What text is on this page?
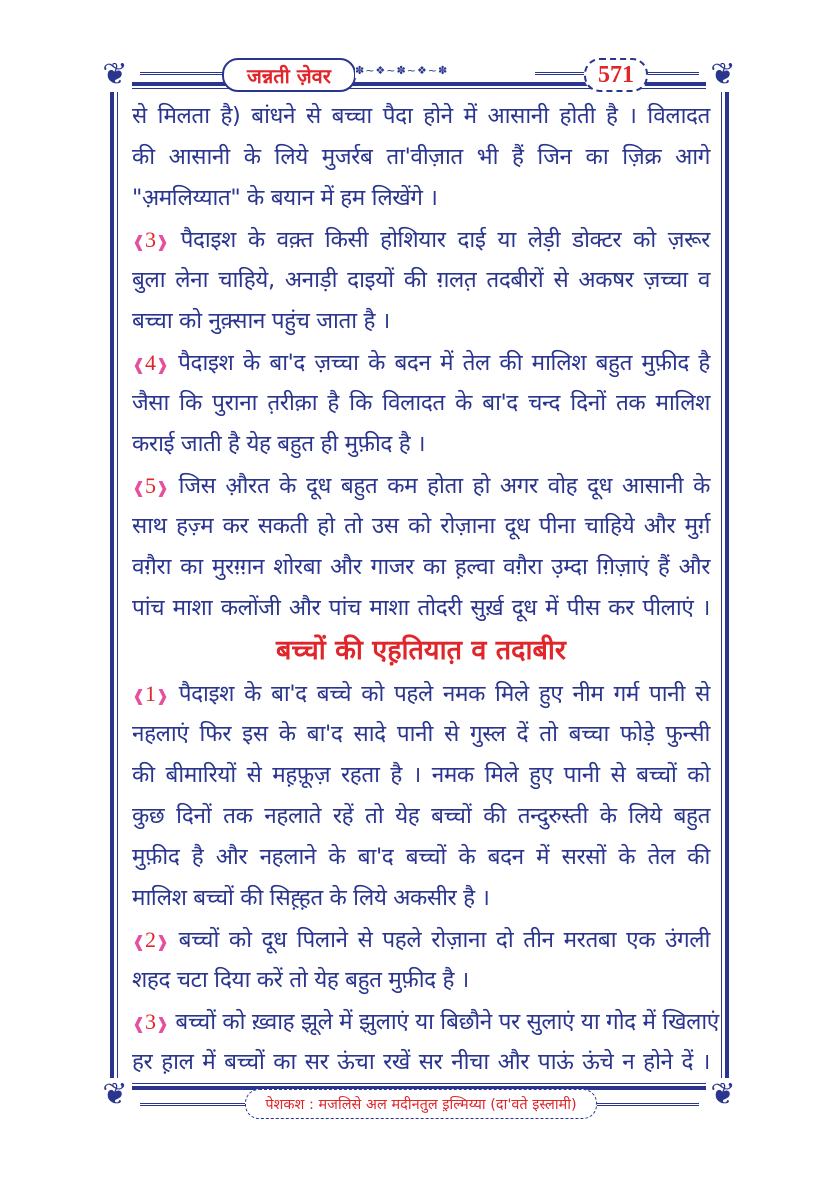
❦	❦
जन्नती ज़ेवर ✽~❖~✽~❖~✽	571
से मिलता है) बांधने से बच्चा पैदा होने में आसानी होती है । विलादत
की आसानी के लिये मुजर्रब ता'वीज़ात भी हैं जिन का ज़िक्र आगे
"अ़मलिय्यात" के बयान में हम लिखेंगे ।
❰3❱ पैदाइश के वक़्त किसी होशियार दाई या लेड़ी डोक्टर को ज़रूर
बुला लेना चाहिये, अनाड़ी दाइयों की ग़लत़ तदबीरों से अकषर ज़च्चा व
बच्चा को नुक़्सान पहुंच जाता है ।
❰4❱ पैदाइश के बा'द ज़च्चा के बदन में तेल की मालिश बहुत मुफ़ीद है
जैसा कि पुराना त़रीक़ा है कि विलादत के बा'द चन्द दिनों तक मालिश
कराई जाती है येह बहुत ही मुफ़ीद है ।
❰5❱ जिस औ़रत के दूध बहुत कम होता हो अगर वोह दूध आसानी के
साथ हज़्म कर सकती हो तो उस को रोज़ाना दूध पीना चाहिये और मुर्ग़
वग़ैरा का मुरग़्ग़न शोरबा और गाजर का ह़ल्वा वग़ैरा उ़म्दा ग़िज़ाएं हैं और
पांच माशा कलोंजी और पांच माशा तोदरी सुर्ख़ दूध में पीस कर पीलाएं ।
बच्चों की एह़तियात़ व तदाबीर
❰1❱ पैदाइश के बा'द बच्चे को पहले नमक मिले हुए नीम गर्म पानी से
नहलाएं फिर इस के बा'द सादे पानी से गुस्ल दें तो बच्चा फोड़े फुन्सी
की बीमारियों से मह़फ़ूज़ रहता है । नमक मिले हुए पानी से बच्चों को
कुछ दिनों तक नहलाते रहें तो येह बच्चों की तन्दुरुस्ती के लिये बहुत
मुफ़ीद है और नहलाने के बा'द बच्चों के बदन में सरसों के तेल की
मालिश बच्चों की सिह़्ह़त के लिये अकसीर है ।
❰2❱ बच्चों को दूध पिलाने से पहले रोज़ाना दो तीन मरतबा एक उंगली
शहद चटा दिया करें तो येह बहुत मुफ़ीद है ।
❰3❱ बच्चों को ख़्वाह झूले में झुलाएं या बिछौने पर सुलाएं या गोद में खिलाएं
हर ह़ाल में बच्चों का सर ऊंचा रखें सर नीचा और पाऊं ऊंचे न होने दें ।
❦	❦
पेशकश : मजलिसे अल मदीनतुल इ़ल्मिय्या (दा'वते इस्लामी)
